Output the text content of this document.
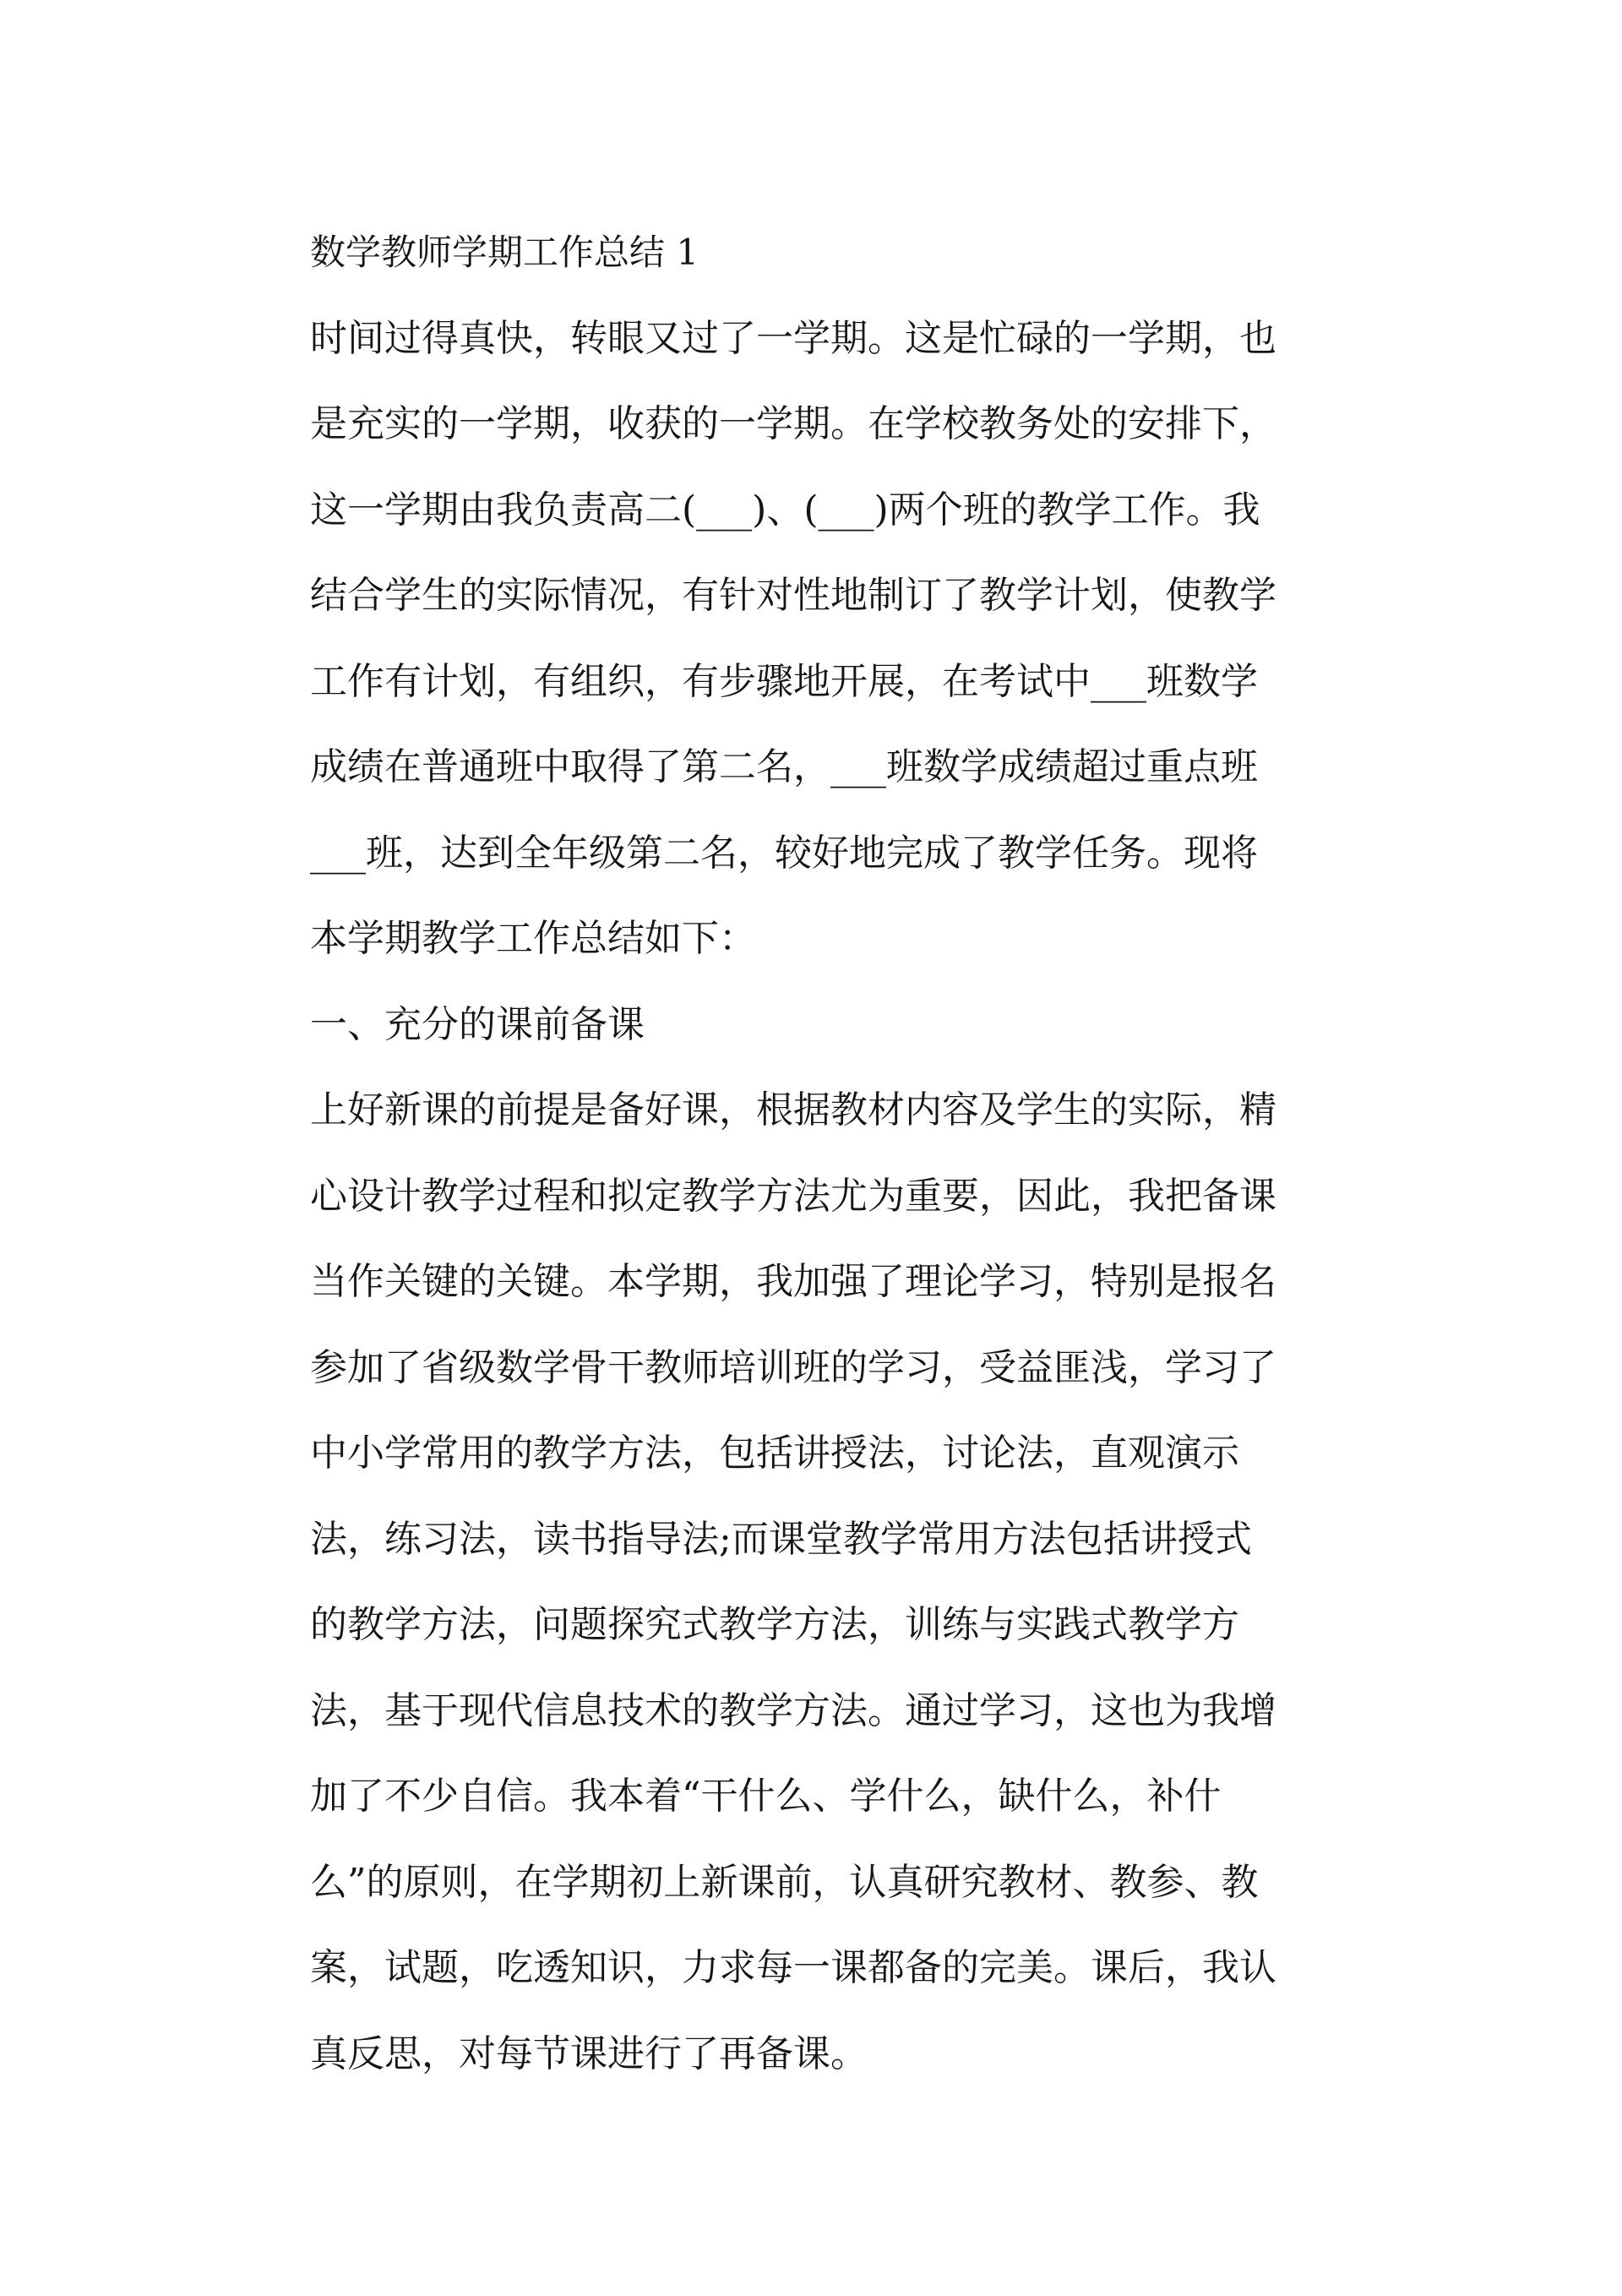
数学教师学期工作总结 1
时间过得真快，转眼又过了一学期。这是忙碌的一学期，也
是充实的一学期，收获的一学期。在学校教务处的安排下，
这一学期由我负责高二(___)、(___)两个班的教学工作。我
结合学生的实际情况，有针对性地制订了教学计划，使教学
工作有计划，有组织，有步骤地开展，在考试中___班数学
成绩在普通班中取得了第二名，___班数学成绩超过重点班
___班，达到全年级第二名，较好地完成了教学任务。现将
本学期教学工作总结如下：
一、充分的课前备课
上好新课的前提是备好课，根据教材内容及学生的实际，精
心设计教学过程和拟定教学方法尤为重要，因此，我把备课
当作关键的关键。本学期，我加强了理论学习，特别是报名
参加了省级数学骨干教师培训班的学习，受益匪浅，学习了
中小学常用的教学方法，包括讲授法，讨论法，直观演示
法，练习法，读书指导法;而课堂教学常用方法包括讲授式
的教学方法，问题探究式教学方法，训练与实践式教学方
法，基于现代信息技术的教学方法。通过学习，这也为我增
加了不少自信。我本着“干什么、学什么，缺什么，补什
么”的原则，在学期初上新课前，认真研究教材、教参、教
案，试题，吃透知识，力求每一课都备的完美。课后，我认
真反思，对每节课进行了再备课。
